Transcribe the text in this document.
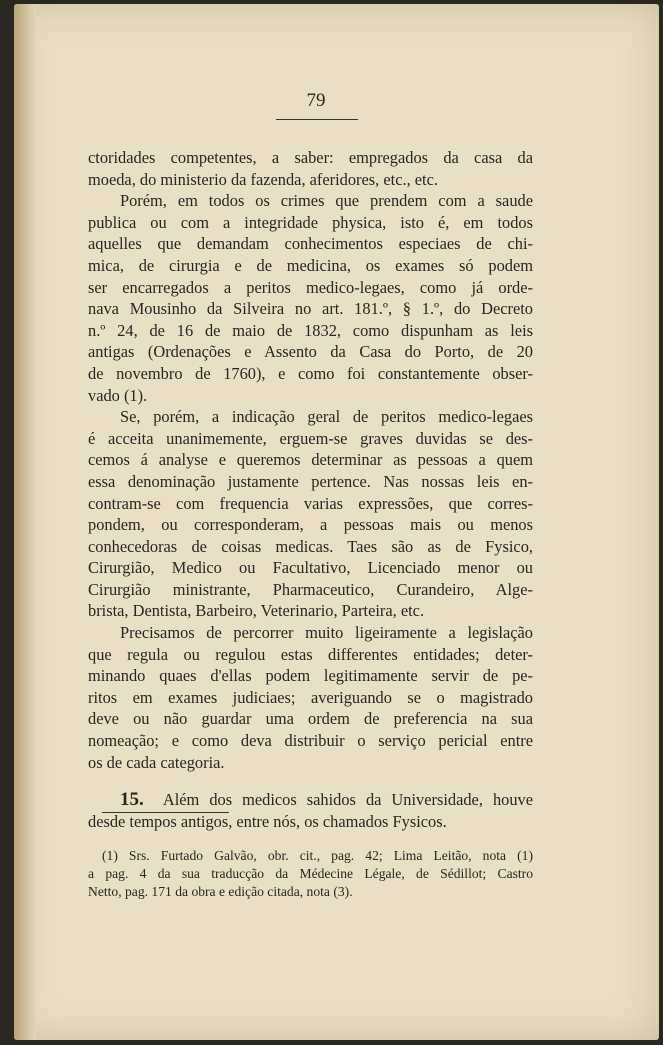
79
ctoridades competentes, a saber: empregados da casa da
moeda, do ministerio da fazenda, aferidores, etc., etc.
Porém, em todos os crimes que prendem com a saude
publica ou com a integridade physica, isto é, em todos
aquelles que demandam conhecimentos especiaes de chi-
mica, de cirurgia e de medicina, os exames só podem
ser encarregados a peritos medico-legaes, como já orde-
nava Mousinho da Silveira no art. 181.º, § 1.º, do Decreto
n.º 24, de 16 de maio de 1832, como dispunham as leis
antigas (Ordenações e Assento da Casa do Porto, de 20
de novembro de 1760), e como foi constantemente obser-
vado (1).
Se, porém, a indicação geral de peritos medico-legaes
é acceita unanimemente, erguem-se graves duvidas se des-
cemos á analyse e queremos determinar as pessoas a quem
essa denominação justamente pertence. Nas nossas leis en-
contram-se com frequencia varias expressões, que corres-
pondem, ou corresponderam, a pessoas mais ou menos
conhecedoras de coisas medicas. Taes são as de Fysico,
Cirurgião, Medico ou Facultativo, Licenciado menor ou
Cirurgião ministrante, Pharmaceutico, Curandeiro, Alge-
brista, Dentista, Barbeiro, Veterinario, Parteira, etc.
Precisamos de percorrer muito ligeiramente a legislação
que regula ou regulou estas differentes entidades; deter-
minando quaes d'ellas podem legitimamente servir de pe-
ritos em exames judiciaes; averiguando se o magistrado
deve ou não guardar uma ordem de preferencia na sua
nomeação; e como deva distribuir o serviço pericial entre
os de cada categoria.
15. Além dos medicos sahidos da Universidade, houve
desde tempos antigos, entre nós, os chamados Fysicos.
(1) Srs. Furtado Galvão, obr. cit., pag. 42; Lima Leitão, nota (1)
a pag. 4 da sua traducção da Médecine Légale, de Sédillot; Castro
Netto, pag. 171 da obra e edição citada, nota (3).
